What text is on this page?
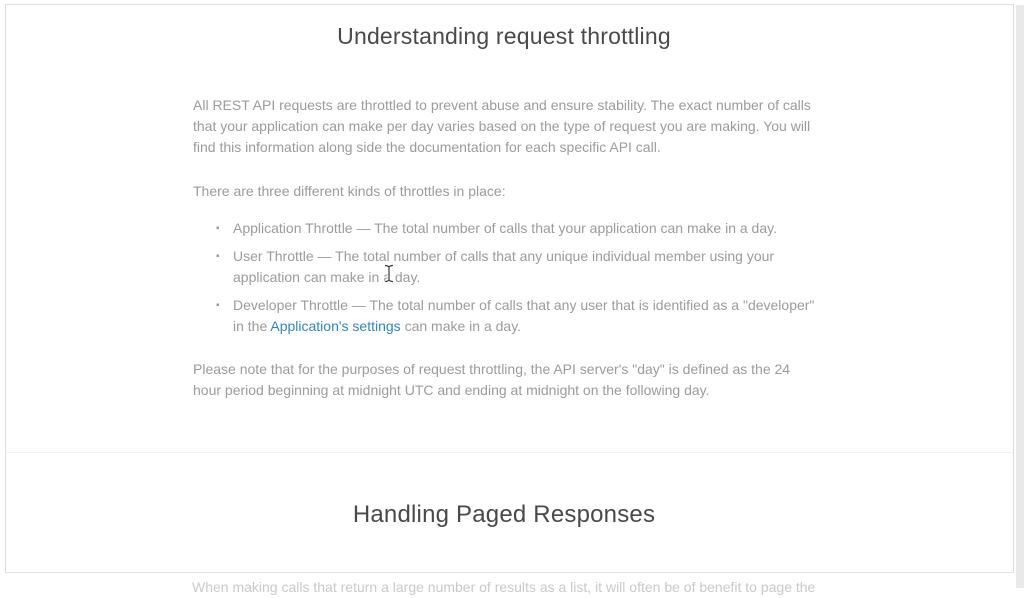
Understanding request throttling

All REST API requests are throttled to prevent abuse and ensure stability. The exact number of calls that your application can make per day varies based on the type of request you are making. You will find this information along side the documentation for each specific API call.

There are three different kinds of throttles in place:

▪ Application Throttle — The total number of calls that your application can make in a day.
▪ User Throttle — The total number of calls that any unique individual member using your application can make in a day.
▪ Developer Throttle — The total number of calls that any user that is identified as a "developer" in the Application's settings can make in a day.

Please note that for the purposes of request throttling, the API server's "day" is defined as the 24 hour period beginning at midnight UTC and ending at midnight on the following day.

Handling Paged Responses
When making calls that return a large number of results as a list, it will often be of benefit to page the
